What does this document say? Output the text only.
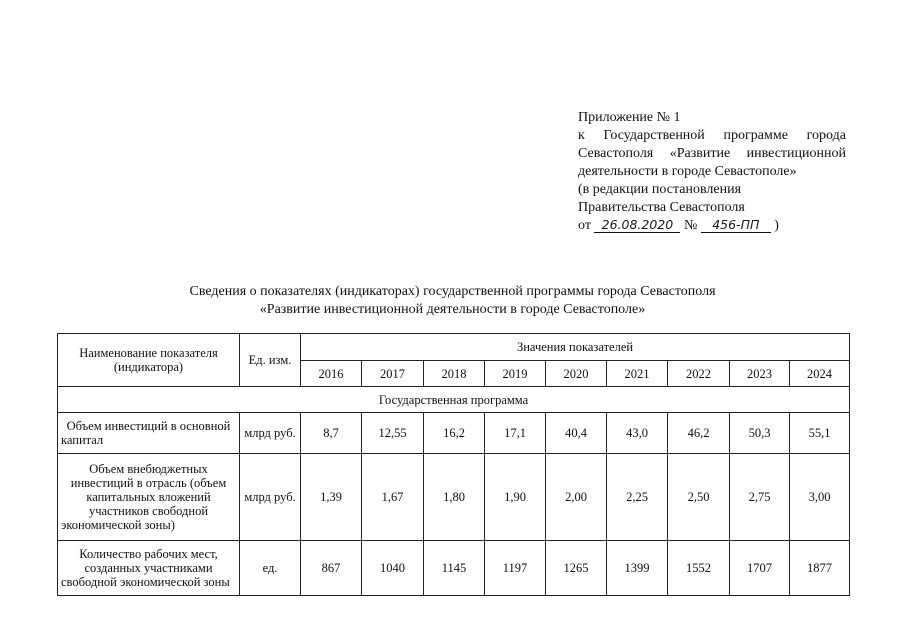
Приложение № 1
к Государственной программе города
Севастополя «Развитие инвестиционной
деятельности в городе Севастополе»
(в редакции постановления
Правительства Севастополя
от 26.08.2020 № 456-ПП )
Сведения о показателях (индикаторах) государственной программы города Севастополя
«Развитие инвестиционной деятельности в городе Севастополе»
Наименование показателя (индикатора)	Ед. изм.	Значения показателей								
		2016	2017	2018	2019	2020	2021	2022	2023	2024
Государственная программа										
Объем инвестиций в основной капитал	млрд руб.	8,7	12,55	16,2	17,1	40,4	43,0	46,2	50,3	55,1
Объем внебюджетных инвестиций в отрасль (объем капитальных вложений участников свободной экономической зоны)	млрд руб.	1,39	1,67	1,80	1,90	2,00	2,25	2,50	2,75	3,00
Количество рабочих мест, созданных участниками свободной экономической зоны	ед.	867	1040	1145	1197	1265	1399	1552	1707	1877
